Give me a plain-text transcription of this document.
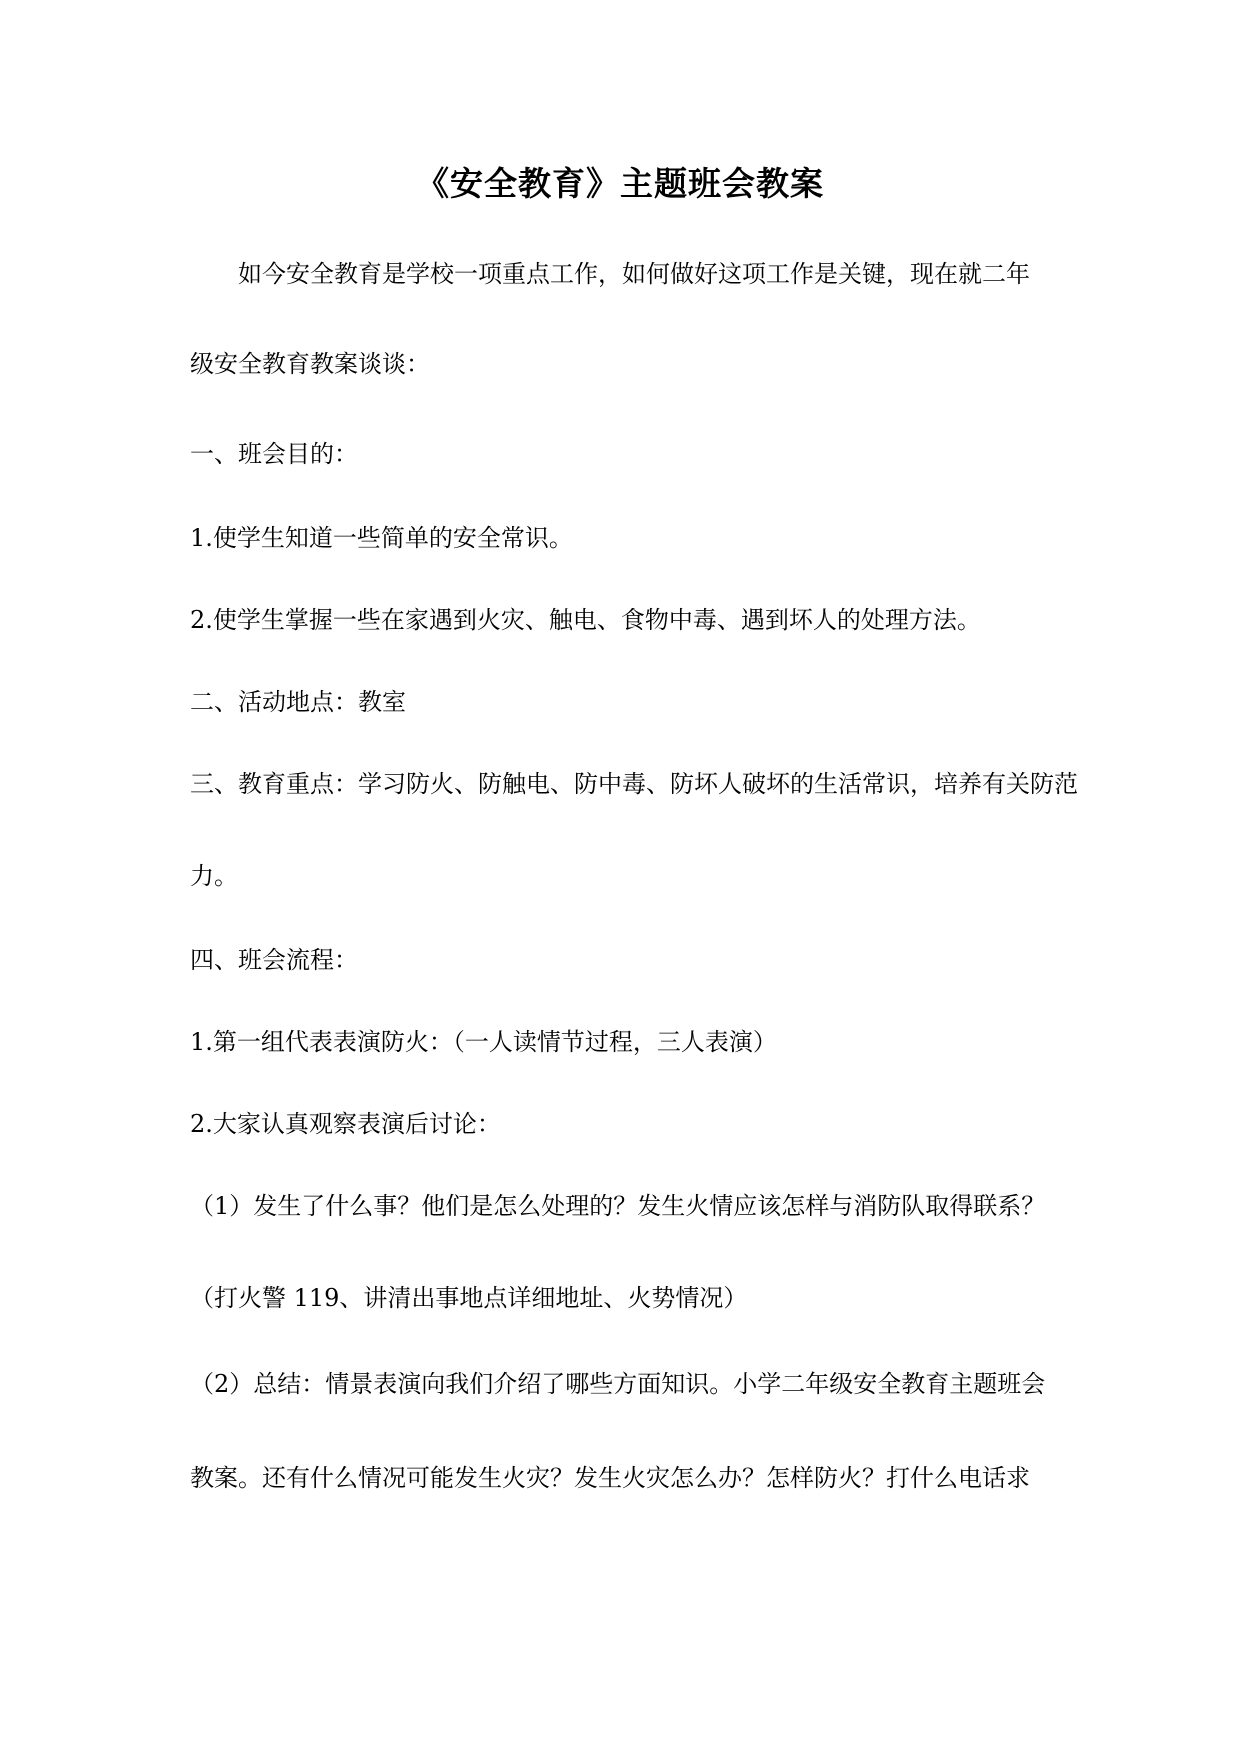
《安全教育》主题班会教案
如今安全教育是学校一项重点工作，如何做好这项工作是关键，现在就二年
级安全教育教案谈谈：
一、班会目的：
1.使学生知道一些简单的安全常识。
2.使学生掌握一些在家遇到火灾、触电、食物中毒、遇到坏人的处理方法。
二、活动地点：教室
三、教育重点：学习防火、防触电、防中毒、防坏人破坏的生活常识，培养有关防范
力。
四、班会流程：
1.第一组代表表演防火：（一人读情节过程，三人表演）
2.大家认真观察表演后讨论：
（1）发生了什么事？他们是怎么处理的？发生火情应该怎样与消防队取得联系？
（打火警 119、讲清出事地点详细地址、火势情况）
（2）总结：情景表演向我们介绍了哪些方面知识。小学二年级安全教育主题班会
教案。还有什么情况可能发生火灾？发生火灾怎么办？怎样防火？打什么电话求
